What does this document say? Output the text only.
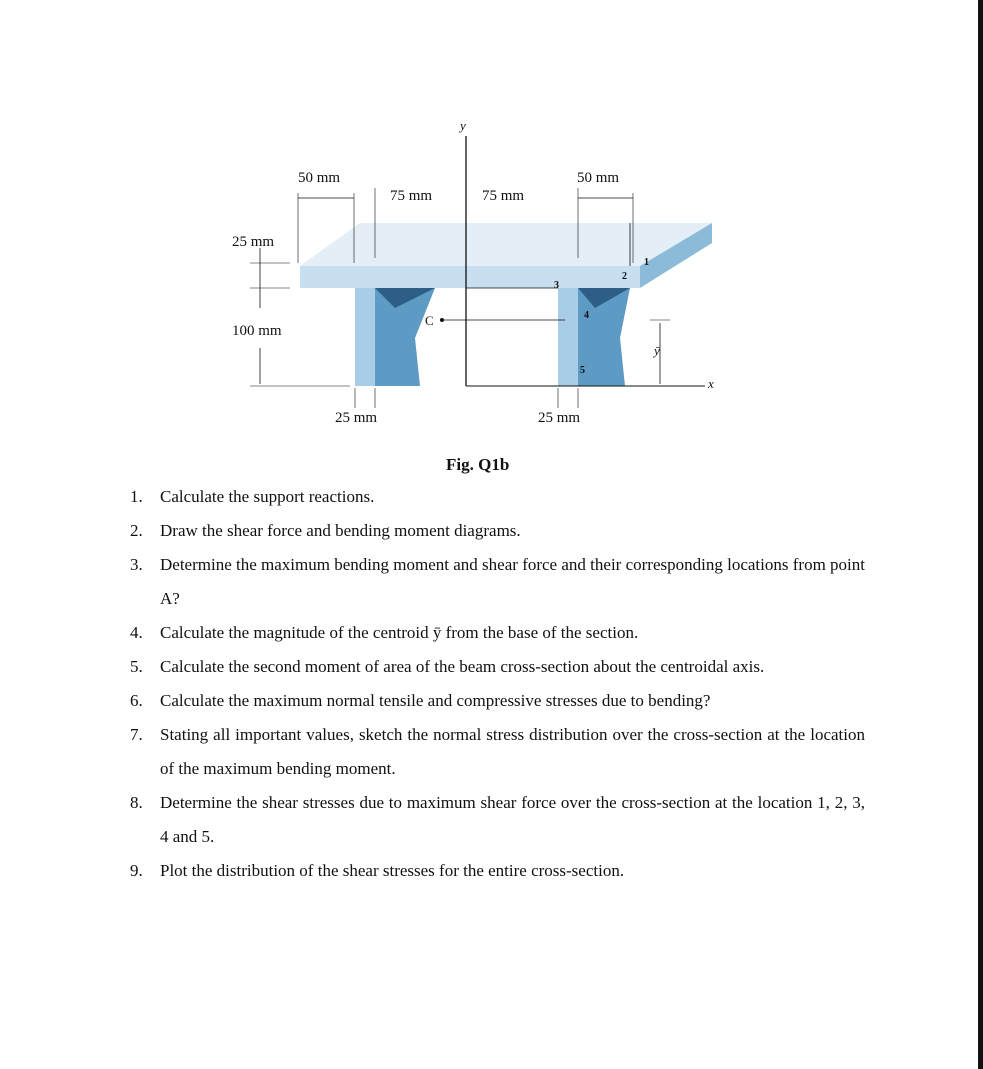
50 mm
75 mm	75 mm
50 mm
25 mm
100 mm
25 mm	25 mm
y
x
C
ȳ
1
2
3
4
5
Fig. Q1b
1. Calculate the support reactions.
2. Draw the shear force and bending moment diagrams.
3. Determine the maximum bending moment and shear force and their corresponding locations from point A?
4. Calculate the magnitude of the centroid ȳ from the base of the section.
5. Calculate the second moment of area of the beam cross-section about the centroidal axis.
6. Calculate the maximum normal tensile and compressive stresses due to bending?
7. Stating all important values, sketch the normal stress distribution over the cross-section at the location of the maximum bending moment.
8. Determine the shear stresses due to maximum shear force over the cross-section at the location 1, 2, 3, 4 and 5.
9. Plot the distribution of the shear stresses for the entire cross-section.
